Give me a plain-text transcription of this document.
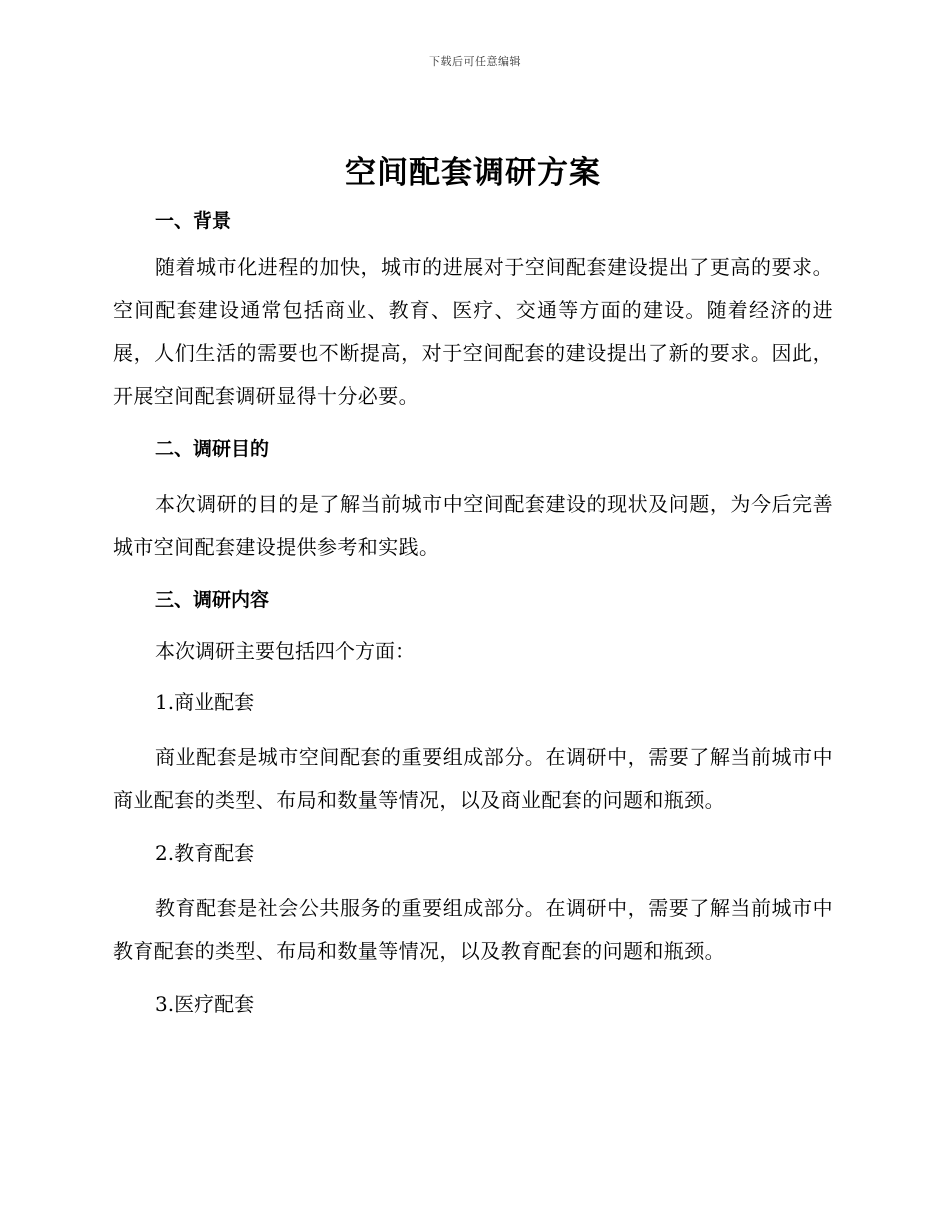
下载后可任意编辑
空间配套调研方案
一、背景

随着城市化进程的加快，城市的进展对于空间配套建设提出了更高的要求。空间配套建设通常包括商业、教育、医疗、交通等方面的建设。随着经济的进展，人们生活的需要也不断提高，对于空间配套的建设提出了新的要求。因此，开展空间配套调研显得十分必要。

二、调研目的

本次调研的目的是了解当前城市中空间配套建设的现状及问题，为今后完善城市空间配套建设提供参考和实践。

三、调研内容

本次调研主要包括四个方面：

1.商业配套

商业配套是城市空间配套的重要组成部分。在调研中，需要了解当前城市中商业配套的类型、布局和数量等情况，以及商业配套的问题和瓶颈。

2.教育配套

教育配套是社会公共服务的重要组成部分。在调研中，需要了解当前城市中教育配套的类型、布局和数量等情况，以及教育配套的问题和瓶颈。

3.医疗配套
